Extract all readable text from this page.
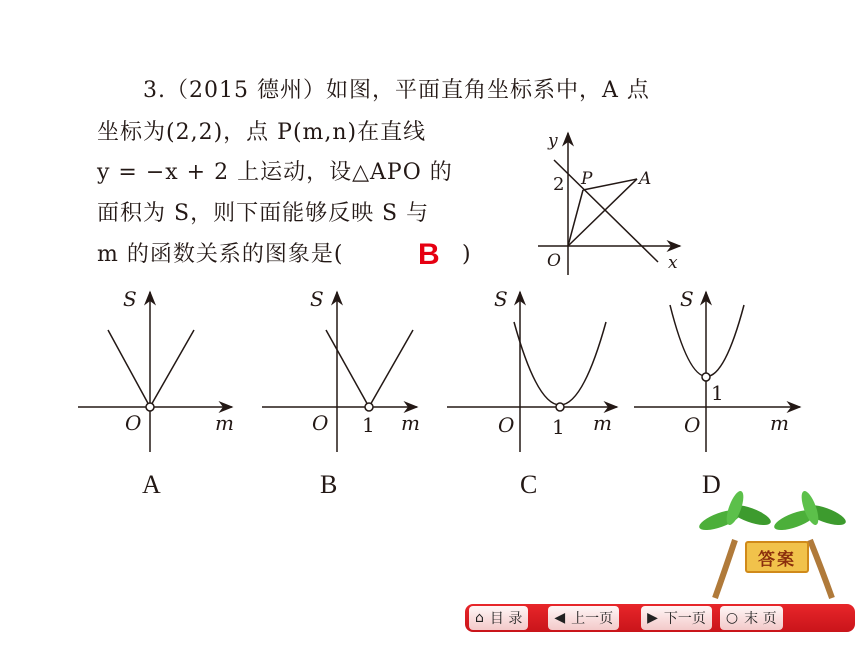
3.（2015 德州）如图，平面直角坐标系中，A 点
坐标为(2,2)，点 P(m,n)在直线
y = −x + 2 上运动，设△APO 的
面积为 S，则下面能够反映 S 与
m 的函数关系的图象是( B )
y
x
O
P	A
2
S
O	m
S
O	m
1
S
O	m
1
S
O	m
1
A	B	C	D
答案
⌂ 目 录 ◀ 上一页 ▶ 下一页 ○ 末 页
